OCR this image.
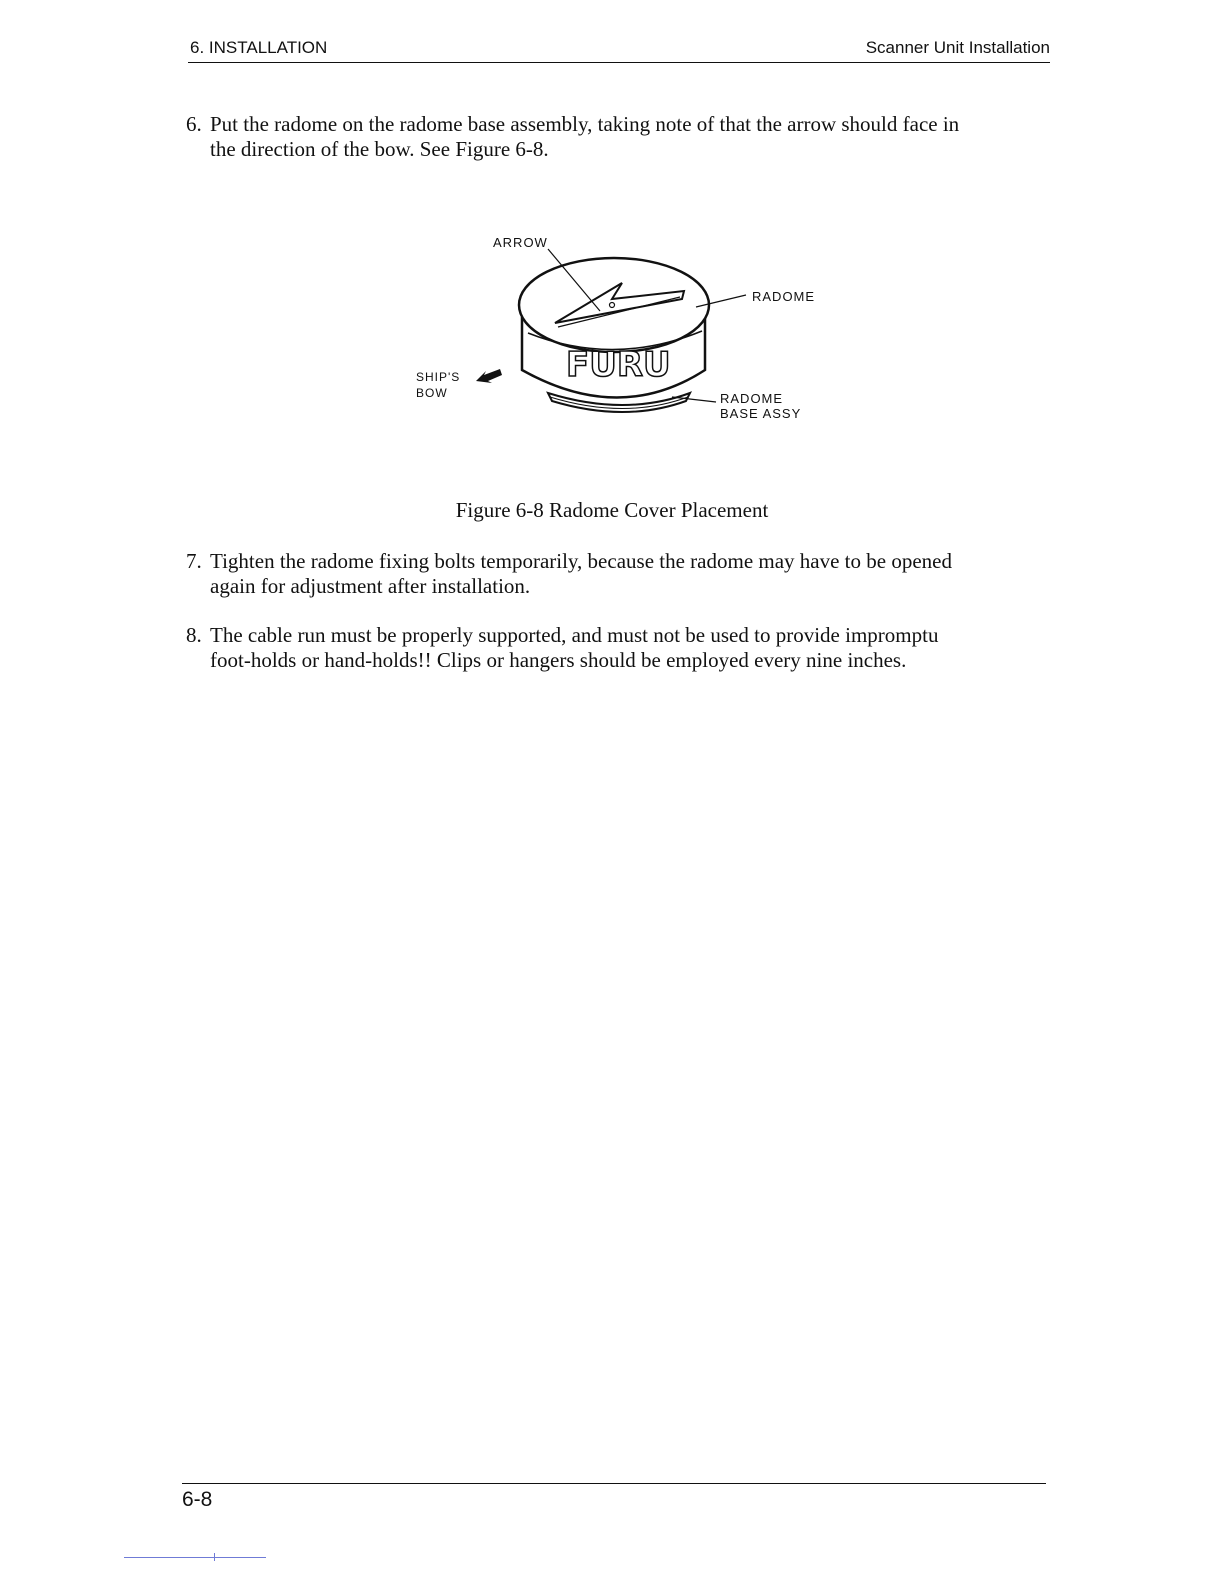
6. INSTALLATION	Scanner Unit Installation
6. Put the radome on the radome base assembly, taking note of that the arrow should face in
the direction of the bow. See Figure 6-8.
FURU
ARROW
RADOME
SHIP'S
BOW	RADOME
BASE ASSY
Figure 6-8 Radome Cover Placement
7. Tighten the radome fixing bolts temporarily, because the radome may have to be opened
again for adjustment after installation.
8. The cable run must be properly supported, and must not be used to provide impromptu
foot-holds or hand-holds!! Clips or hangers should be employed every nine inches.
6-8
